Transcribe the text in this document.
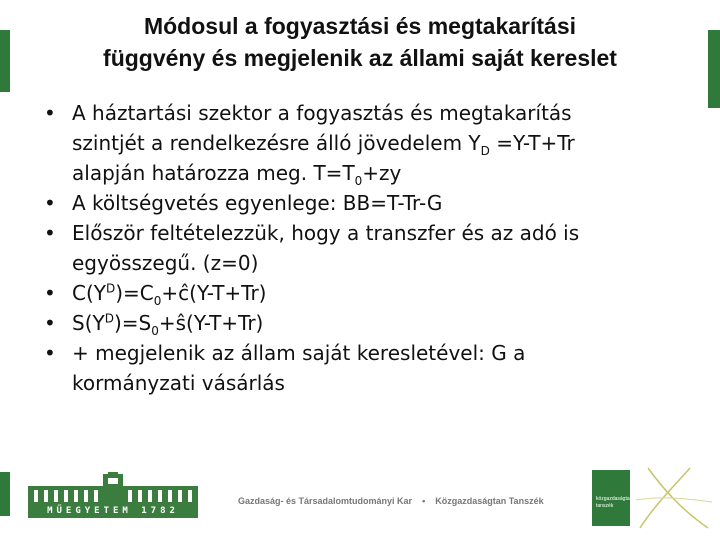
Módosul a fogyasztási és megtakarítási
függvény és megjelenik az állami saját kereslet
• A háztartási szektor a fogyasztás és megtakarítás
szintjét a rendelkezésre álló jövedelem $Y_D =Y-T+Tr$
alapján határozza meg. $T=T_0+zy$
• A költségvetés egyenlege: BB=T-Tr-G
• Először feltételezzük, hogy a transzfer és az adó is
egyösszegű. (z=0)
• $C(Y^D)=C_0+ĉ(Y-T+Tr)$
• $S(Y^D)=S_0+ŝ(Y-T+Tr)$
• + megjelenik az állam saját keresletével: G a
kormányzati vásárlás
MŰEGYETEM 1782
Gazdaság- és Társadalomtudományi Kar • Közgazdaságtan Tanszék	közgazdaságtan tanszék
